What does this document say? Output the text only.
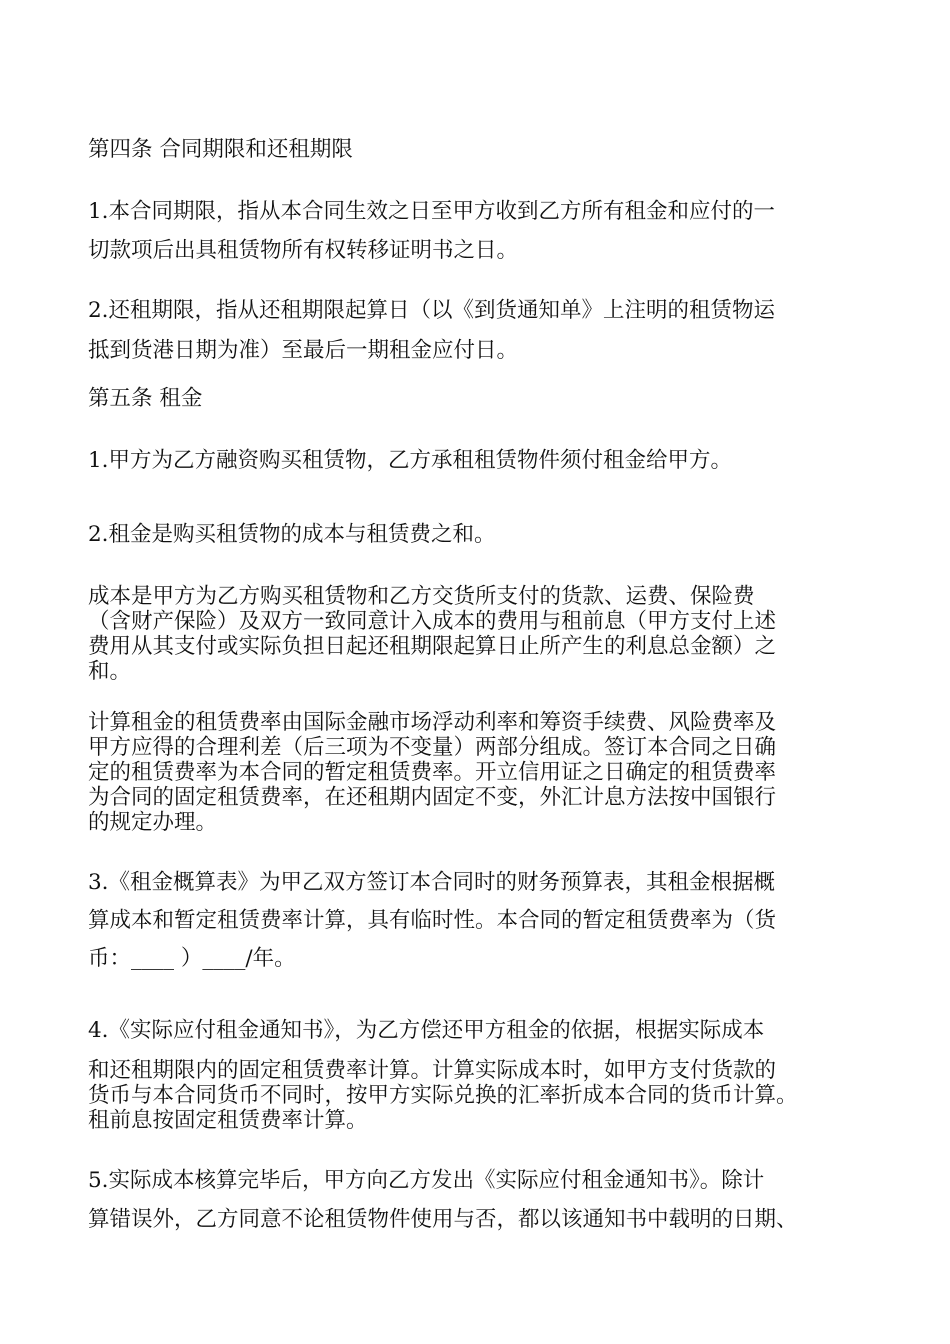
第四条 合同期限和还租期限
1.本合同期限，指从本合同生效之日至甲方收到乙方所有租金和应付的一
切款项后出具租赁物所有权转移证明书之日。
2.还租期限，指从还租期限起算日（以《到货通知单》上注明的租赁物运
抵到货港日期为准）至最后一期租金应付日。
第五条 租金
1.甲方为乙方融资购买租赁物，乙方承租租赁物件须付租金给甲方。
2.租金是购买租赁物的成本与租赁费之和。
成本是甲方为乙方购买租赁物和乙方交货所支付的货款、运费、保险费
（含财产保险）及双方一致同意计入成本的费用与租前息（甲方支付上述
费用从其支付或实际负担日起还租期限起算日止所产生的利息总金额）之
和。
计算租金的租赁费率由国际金融市场浮动利率和筹资手续费、风险费率及
甲方应得的合理利差（后三项为不变量）两部分组成。签订本合同之日确
定的租赁费率为本合同的暂定租赁费率。开立信用证之日确定的租赁费率
为合同的固定租赁费率，在还租期内固定不变，外汇计息方法按中国银行
的规定办理。
3.《租金概算表》为甲乙双方签订本合同时的财务预算表，其租金根据概
算成本和暂定租赁费率计算，具有临时性。本合同的暂定租赁费率为（货
币：____ ）____/年。
4.《实际应付租金通知书》，为乙方偿还甲方租金的依据，根据实际成本
和还租期限内的固定租赁费率计算。计算实际成本时，如甲方支付货款的
货币与本合同货币不同时，按甲方实际兑换的汇率折成本合同的货币计算。
租前息按固定租赁费率计算。
5.实际成本核算完毕后，甲方向乙方发出《实际应付租金通知书》。除计
算错误外，乙方同意不论租赁物件使用与否，都以该通知书中载明的日期、
